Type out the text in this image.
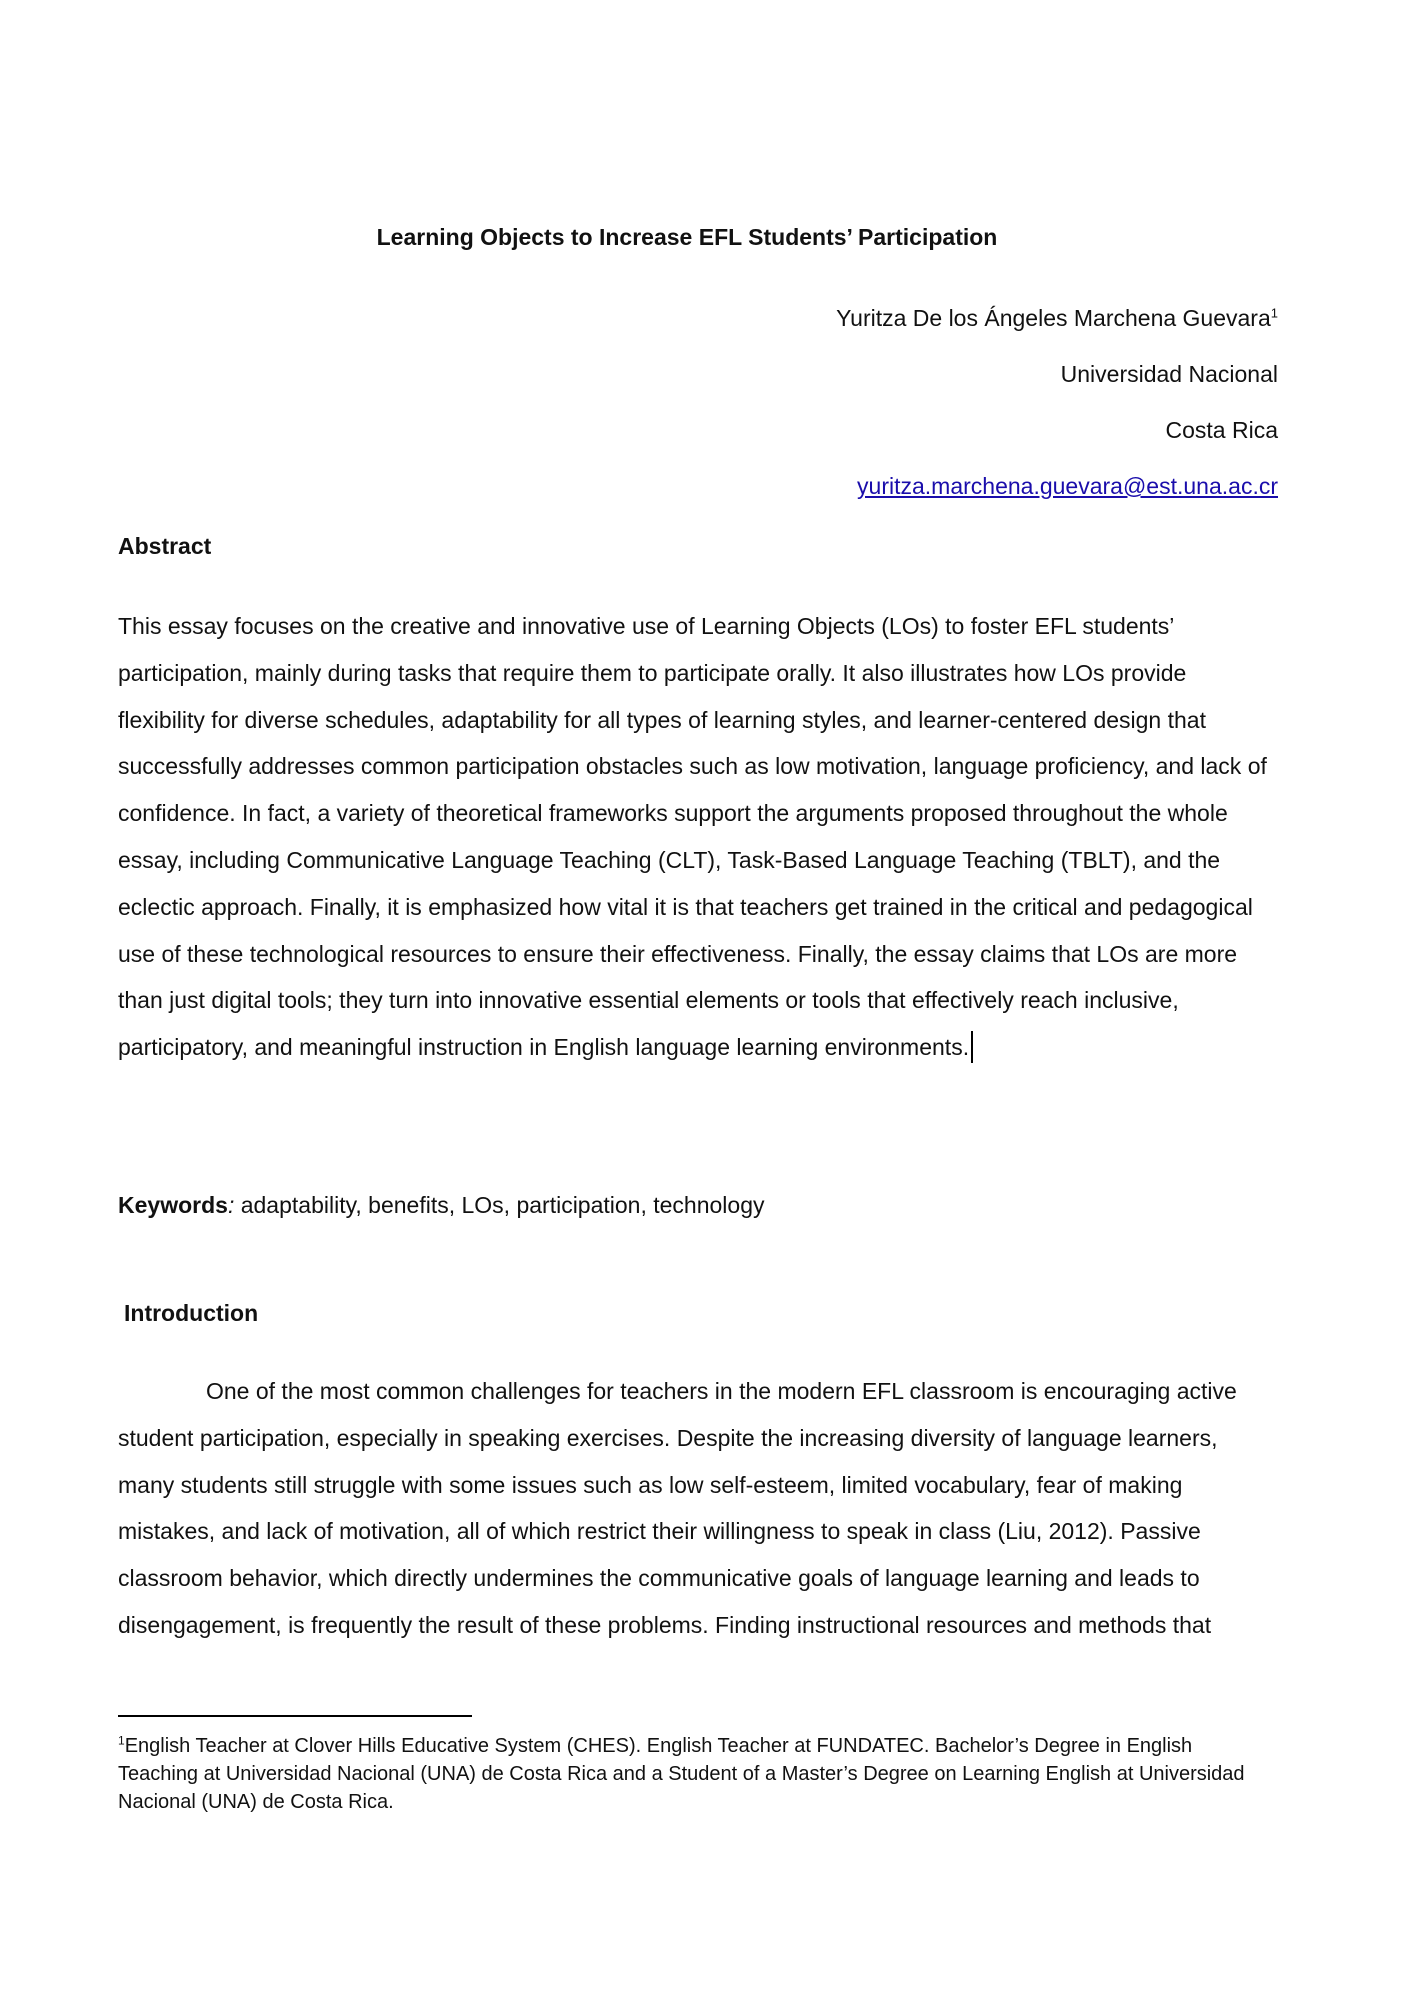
Learning Objects to Increase EFL Students’ Participation
Yuritza De los Ángeles Marchena Guevara$^1$
Universidad Nacional
Costa Rica
yuritza.marchena.guevara@est.una.ac.cr
Abstract

This essay focuses on the creative and innovative use of Learning Objects (LOs) to foster EFL students’ participation, mainly during tasks that require them to participate orally. It also illustrates how LOs provide flexibility for diverse schedules, adaptability for all types of learning styles, and learner-centered design that successfully addresses common participation obstacles such as low motivation, language proficiency, and lack of confidence. In fact, a variety of theoretical frameworks support the arguments proposed throughout the whole essay, including Communicative Language Teaching (CLT), Task-Based Language Teaching (TBLT), and the eclectic approach. Finally, it is emphasized how vital it is that teachers get trained in the critical and pedagogical use of these technological resources to ensure their effectiveness. Finally, the essay claims that LOs are more than just digital tools; they turn into innovative essential elements or tools that effectively reach inclusive, participatory, and meaningful instruction in English language learning environments.

Keywords: adaptability, benefits, LOs, participation, technology
Introduction

One of the most common challenges for teachers in the modern EFL classroom is encouraging active student participation, especially in speaking exercises. Despite the increasing diversity of language learners, many students still struggle with some issues such as low self-esteem, limited vocabulary, fear of making mistakes, and lack of motivation, all of which restrict their willingness to speak in class (Liu, 2012). Passive classroom behavior, which directly undermines the communicative goals of language learning and leads to disengagement, is frequently the result of these problems. Finding instructional resources and methods that

$^1$English Teacher at Clover Hills Educative System (CHES). English Teacher at FUNDATEC. Bachelor’s Degree in English Teaching at Universidad Nacional (UNA) de Costa Rica and a Student of a Master’s Degree on Learning English at Universidad Nacional (UNA) de Costa Rica.
